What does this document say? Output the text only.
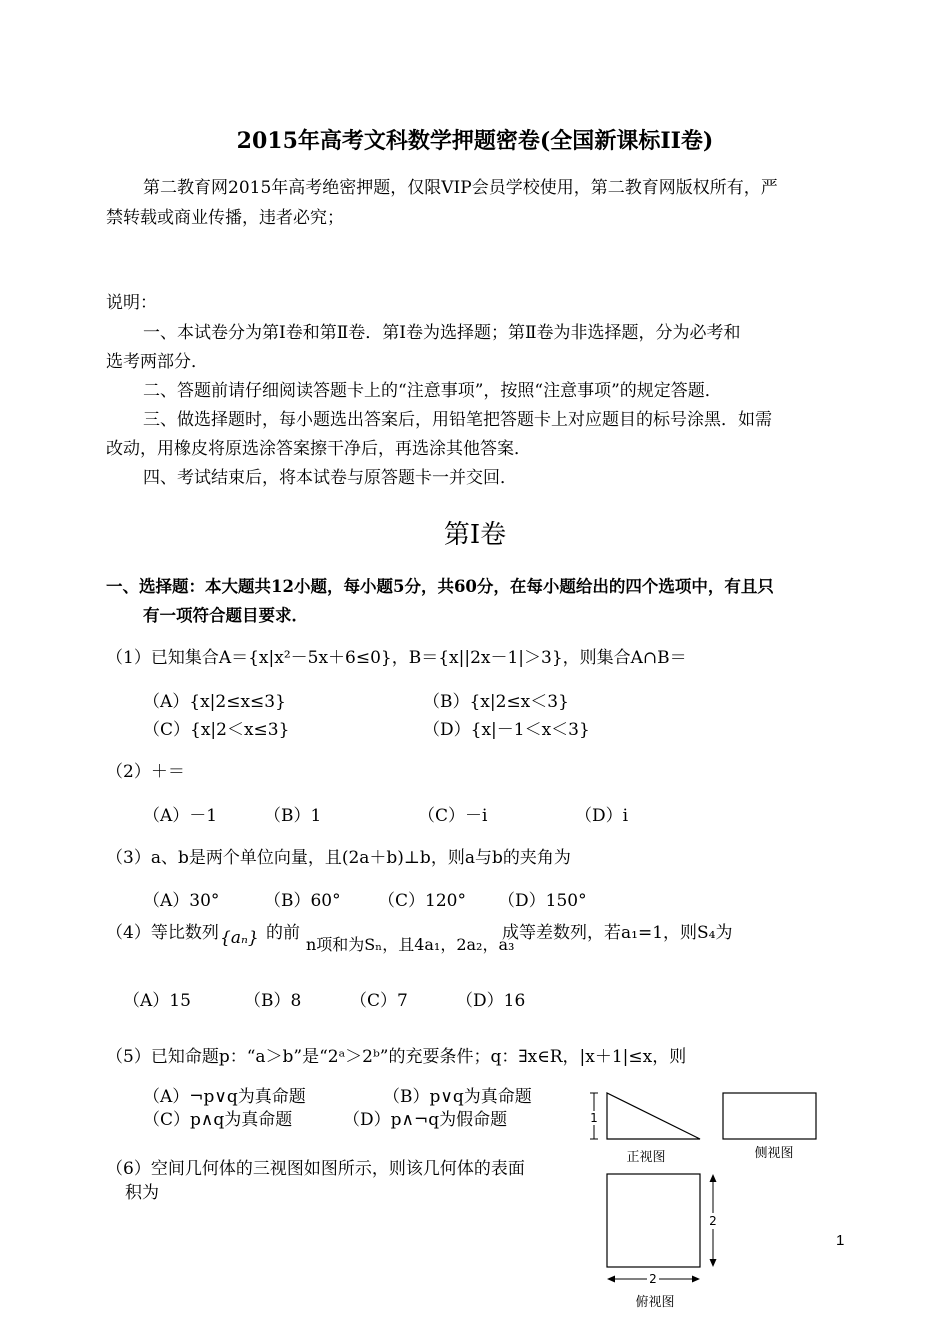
2015年高考文科数学押题密卷(全国新课标II卷)
第二教育网2015年高考绝密押题，仅限VIP会员学校使用，第二教育网版权所有，严
禁转载或商业传播，违者必究；
说明：
一、本试卷分为第Ⅰ卷和第Ⅱ卷．第Ⅰ卷为选择题；第Ⅱ卷为非选择题，分为必考和
选考两部分．
二、答题前请仔细阅读答题卡上的“注意事项”，按照“注意事项”的规定答题．
三、做选择题时，每小题选出答案后，用铅笔把答题卡上对应题目的标号涂黑．如需
改动，用橡皮将原选涂答案擦干净后，再选涂其他答案．
四、考试结束后，将本试卷与原答题卡一并交回．
第Ⅰ卷
一、选择题：本大题共12小题，每小题5分，共60分，在每小题给出的四个选项中，有且只
有一项符合题目要求．
（1）已知集合A＝{x|x²－5x＋6≤0}，B＝{x||2x－1|＞3}，则集合A∩B＝
（A）{x|2≤x≤3}	（B）{x|2≤x＜3}
（C）{x|2＜x≤3}	（D）{x|－1＜x＜3}
（2）＋＝
（A）－1	（B）1	（C）－i	（D）i
（3）a、b是两个单位向量，且(2a＋b)⊥b，则a与b的夹角为
（A）30°	（B）60° （C）120° （D）150°
（4）等比数列 {aₙ} 的前
n项和为Sₙ，且4a₁，2a₂，a₃
成等差数列，若a₁=1，则S₄为
（A）15	（B）8	（C）7	（D）16
（5）已知命题p：“a＞b”是“2ᵃ＞2ᵇ”的充要条件；q：∃x∈R，|x＋1|≤x，则
（A）¬p∨q为真命题	（B）p∨q为真命题
（C）p∧q为真命题	（D）p∧¬q为假命题
（6）空间几何体的三视图如图所示，则该几何体的表面
积为
1
正视图	侧视图
2
2
俯视图
1
